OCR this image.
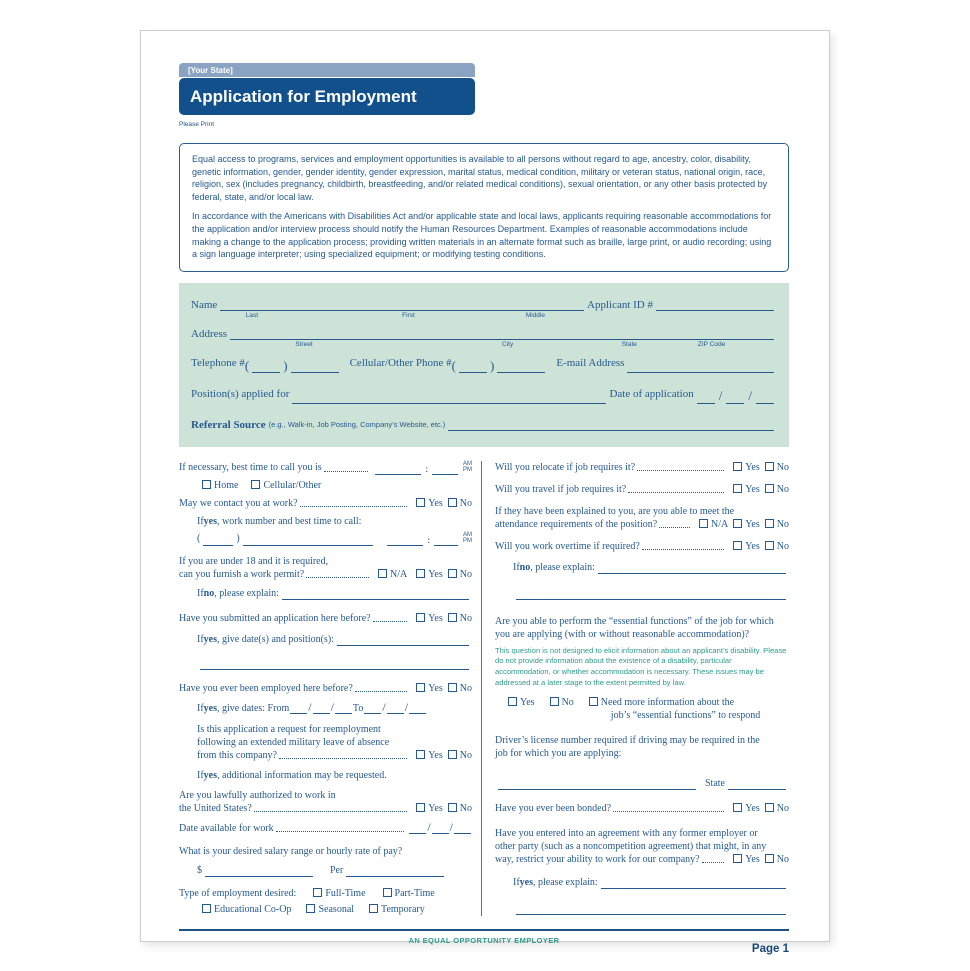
[Your State]
Application for Employment
Please Print

Equal access to programs, services and employment opportunities is available to all persons without regard to age, ancestry, color, disability, genetic information, gender, gender identity, gender expression, marital status, medical condition, military or veteran status, national origin, race, religion, sex (includes pregnancy, childbirth, breastfeeding, and/or related medical conditions), sexual orientation, or any other basis protected by federal, state, and/or local law.

In accordance with the Americans with Disabilities Act and/or applicable state and local laws, applicants requiring reasonable accommodations for the application and/or interview process should notify the Human Resources Department. Examples of reasonable accommodations include making a change to the application process; providing written materials in an alternate format such as braille, large print, or audio recording; using a sign language interpreter; using specialized equipment; or modifying testing conditions.

Name
Last	First	Middle
Applicant ID #
Address
Street	City	State	ZIP Code
Telephone # (	)	Cellular/Other Phone # (	)	E-mail Address
Position(s) applied for	Date of application / /
Referral Source (e.g., Walk-in, Job Posting, Company’s Website, etc.)
If necessary, best time to call you is	:
AM
PM
Home	Cellular/Other
May we contact you at work?	Yes No
If yes , work number and best time to call:
(	)	:
AM
PM
If you are under 18 and it is required,
can you furnish a work permit?	N/A Yes No
If no , please explain:
Have you submitted an application here before?	Yes No
If yes , give date(s) and position(s):
Have you ever been employed here before?	Yes No
If yes , give dates: From / / To / /
Is this application a request for reemployment
following an extended military leave of absence
from this company?	Yes No
If yes , additional information may be requested.
Are you lawfully authorized to work in
the United States?	Yes No
Date available for work	/ /
What is your desired salary range or hourly rate of pay?
$	Per
Type of employment desired:	Full-Time	Part-Time
Educational Co-Op	Seasonal	Temporary
Will you relocate if job requires it?	Yes No
Will you travel if job requires it?	Yes No
If they have been explained to you, are you able to meet the
attendance requirements of the position?	N/A Yes No
Will you work overtime if required?	Yes No
If no , please explain:
Are you able to perform the “essential functions” of the job for which
you are applying (with or without reasonable accommodation)?
This question is not designed to elicit information about an applicant’s disability. Please do not provide information about the existence of a disability, particular accommodation, or whether accommodation is necessary. These issues may be addressed at a later stage to the extent permitted by law.
Yes	No	Need more information about the
job’s “essential functions” to respond
Driver’s license number required if driving may be required in the
job for which you are applying:
State
Have you ever been bonded?	Yes No
Have you entered into an agreement with any former employer or
other party (such as a noncompetition agreement) that might, in any
way, restrict your ability to work for our company?	Yes No
If yes , please explain:
AN EQUAL OPPORTUNITY EMPLOYER
Page 1
